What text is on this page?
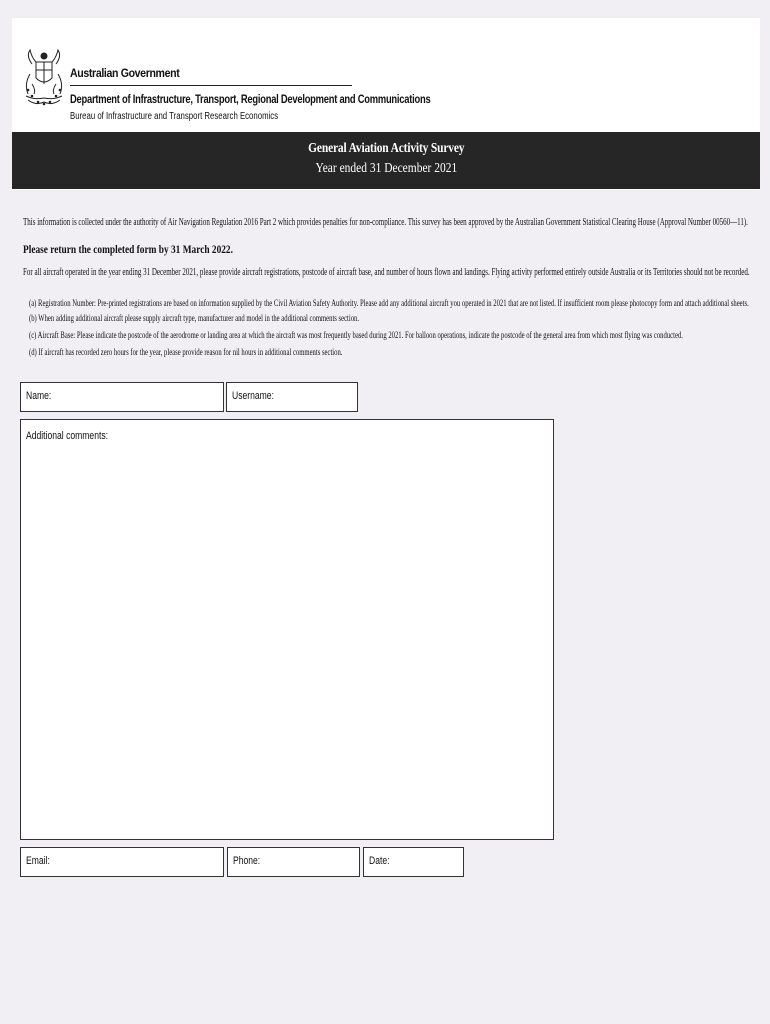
Australian Government
Department of Infrastructure, Transport, Regional Development and Communications
Bureau of Infrastructure and Transport Research Economics
General Aviation Activity Survey
Year ended 31 December 2021
This information is collected under the authority of Air Navigation Regulation 2016 Part 2 which provides penalties for non-compliance. This survey has been approved by the Australian Government Statistical Clearing House (Approval Number 00560—11).
Please return the completed form by 31 March 2022.
For all aircraft operated in the year ending 31 December 2021, please provide aircraft registrations, postcode of aircraft base, and number of hours flown and landings. Flying activity performed entirely outside Australia or its Territories should not be recorded.
(a) Registration Number: Pre-printed registrations are based on information supplied by the Civil Aviation Safety Authority. Please add any additional aircraft you operated in 2021 that are not listed. If insufficient room please photocopy form and attach additional sheets.
(b) When adding additional aircraft please supply aircraft type, manufacturer and model in the additional comments section.
(c) Aircraft Base: Please indicate the postcode of the aerodrome or landing area at which the aircraft was most frequently based during 2021. For balloon operations, indicate the postcode of the general area from which most flying was conducted.
(d) If aircraft has recorded zero hours for the year, please provide reason for nil hours in additional comments section.
Name:	Username:
Additional comments:
Email:	Phone:	Date:
